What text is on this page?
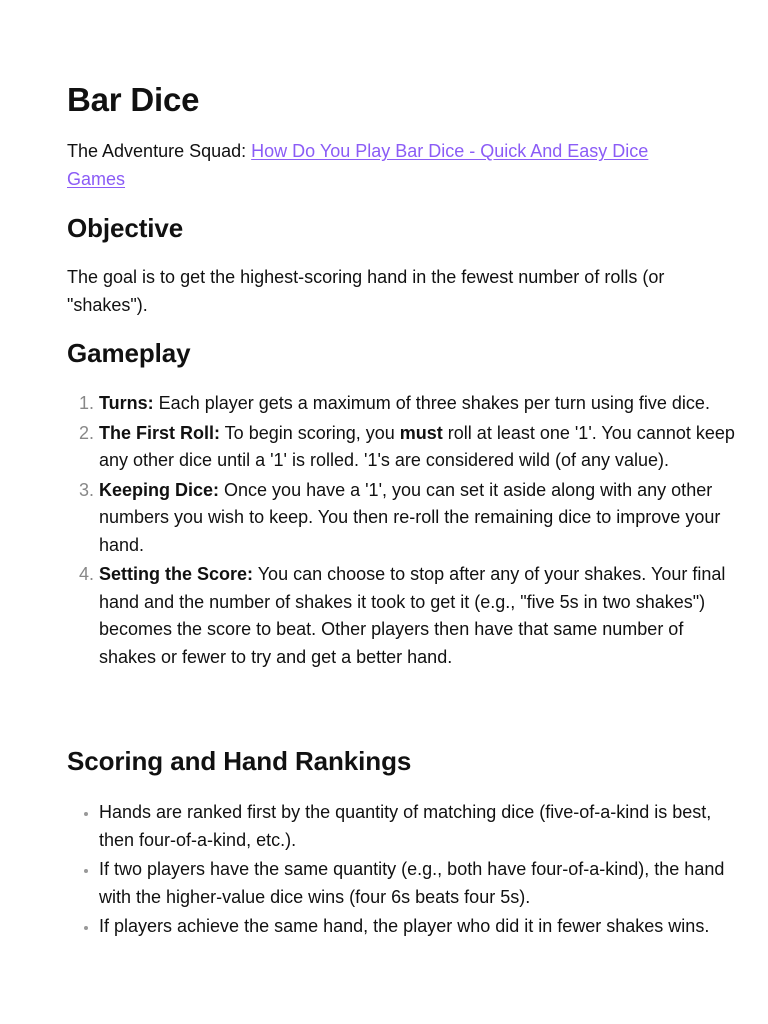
Bar Dice

The Adventure Squad: How Do You Play Bar Dice - Quick And Easy Dice Games

Objective

The goal is to get the highest-scoring hand in the fewest number of rolls (or "shakes").

Gameplay
1. Turns: Each player gets a maximum of three shakes per turn using five dice.
2. The First Roll: To begin scoring, you must roll at least one '1'. You cannot keep any other dice until a '1' is rolled. '1's are considered wild (of any value).
3. Keeping Dice: Once you have a '1', you can set it aside along with any other numbers you wish to keep. You then re-roll the remaining dice to improve your hand.
4. Setting the Score: You can choose to stop after any of your shakes. Your final hand and the number of shakes it took to get it (e.g., "five 5s in two shakes") becomes the score to beat. Other players then have that same number of shakes or fewer to try and get a better hand.
Scoring and Hand Rankings
• Hands are ranked first by the quantity of matching dice (five-of-a-kind is best, then four-of-a-kind, etc.).
• If two players have the same quantity (e.g., both have four-of-a-kind), the hand with the higher-value dice wins (four 6s beats four 5s).
• If players achieve the same hand, the player who did it in fewer shakes wins.
